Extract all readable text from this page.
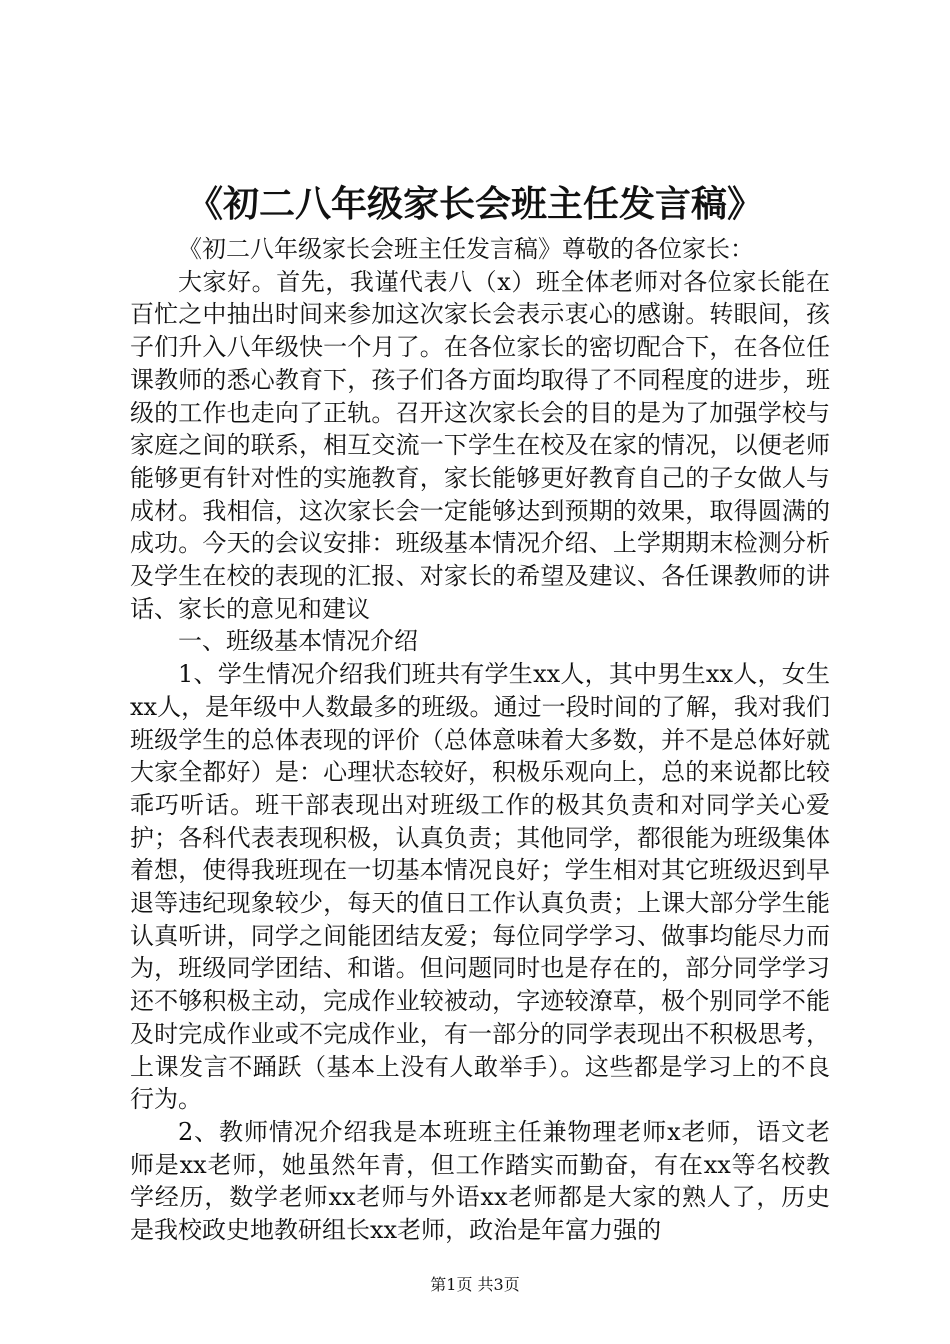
《初二八年级家长会班主任发言稿》

《初二八年级家长会班主任发言稿》尊敬的各位家长：

大家好。首先，我谨代表八（x）班全体老师对各位家长能在百忙之中抽出时间来参加这次家长会表示衷心的感谢。转眼间，孩子们升入八年级快一个月了。在各位家长的密切配合下，在各位任课教师的悉心教育下，孩子们各方面均取得了不同程度的进步，班级的工作也走向了正轨。召开这次家长会的目的是为了加强学校与家庭之间的联系，相互交流一下学生在校及在家的情况，以便老师能够更有针对性的实施教育，家长能够更好教育自己的子女做人与成材。我相信，这次家长会一定能够达到预期的效果，取得圆满的成功。今天的会议安排：班级基本情况介绍、上学期期末检测分析及学生在校的表现的汇报、对家长的希望及建议、各任课教师的讲话、家长的意见和建议

一、班级基本情况介绍

1、学生情况介绍我们班共有学生xx人，其中男生xx人，女生xx人，是年级中人数最多的班级。通过一段时间的了解，我对我们班级学生的总体表现的评价（总体意味着大多数，并不是总体好就大家全都好）是：心理状态较好，积极乐观向上，总的来说都比较乖巧听话。班干部表现出对班级工作的极其负责和对同学关心爱护；各科代表表现积极，认真负责；其他同学，都很能为班级集体着想，使得我班现在一切基本情况良好；学生相对其它班级迟到早退等违纪现象较少，每天的值日工作认真负责；上课大部分学生能认真听讲，同学之间能团结友爱；每位同学学习、做事均能尽力而为，班级同学团结、和谐。但问题同时也是存在的，部分同学学习还不够积极主动，完成作业较被动，字迹较潦草，极个别同学不能及时完成作业或不完成作业，有一部分的同学表现出不积极思考，上课发言不踊跃（基本上没有人敢举手）。这些都是学习上的不良行为。

2、教师情况介绍我是本班班主任兼物理老师x老师，语文老师是xx老师，她虽然年青，但工作踏实而勤奋，有在xx等名校教学经历，数学老师xx老师与外语xx老师都是大家的熟人了，历史是我校政史地教研组长xx老师，政治是年富力强的

第1页 共3页
